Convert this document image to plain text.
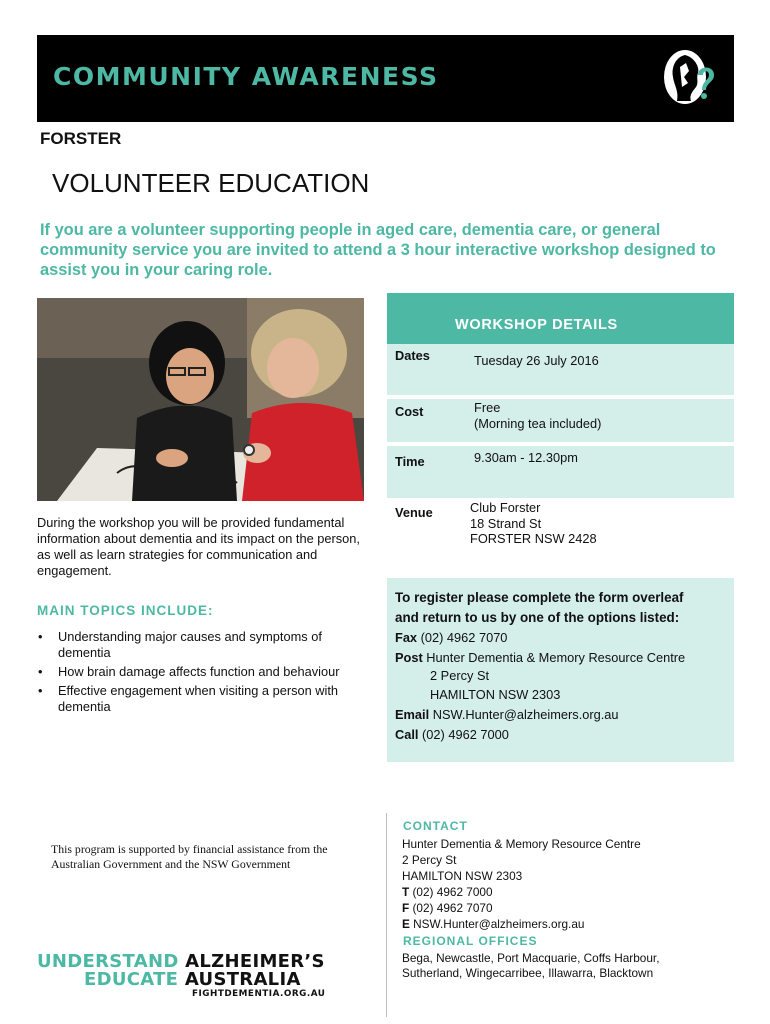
COMMUNITY AWARENESS
FORSTER
VOLUNTEER EDUCATION

If you are a volunteer supporting people in aged care, dementia care, or general community service you are invited to attend a 3 hour interactive workshop designed to assist you in your caring role.

During the workshop you will be provided fundamental information about dementia and its impact on the person, as well as learn strategies for communication and engagement.

MAIN TOPICS INCLUDE:
• Understanding major causes and symptoms of dementia
• How brain damage affects function and behaviour
• Effective engagement when visiting a person with dementia
WORKSHOP DETAILS
Dates	Tuesday 26 July 2016
Cost	Free
(Morning tea included)
Time	9.30am - 12.30pm
Venue	Club Forster
18 Strand St
FORSTER NSW 2428
To register please complete the form overleaf
and return to us by one of the options listed:
Fax (02) 4962 7070
Post Hunter Dementia & Memory Resource Centre
2 Percy St
HAMILTON NSW 2303
Email NSW.Hunter@alzheimers.org.au
Call (02) 4962 7000

This program is supported by financial assistance from the Australian Government and the NSW Government

UNDERSTAND ALZHEIMER’S
EDUCATE AUSTRALIA
FIGHTDEMENTIA.ORG.AU
CONTACT
Hunter Dementia & Memory Resource Centre
2 Percy St
HAMILTON NSW 2303
T (02) 4962 7000
F (02) 4962 7070
E NSW.Hunter@alzheimers.org.au
REGIONAL OFFICES
Bega, Newcastle, Port Macquarie, Coffs Harbour,
Sutherland, Wingecarribee, Illawarra, Blacktown
